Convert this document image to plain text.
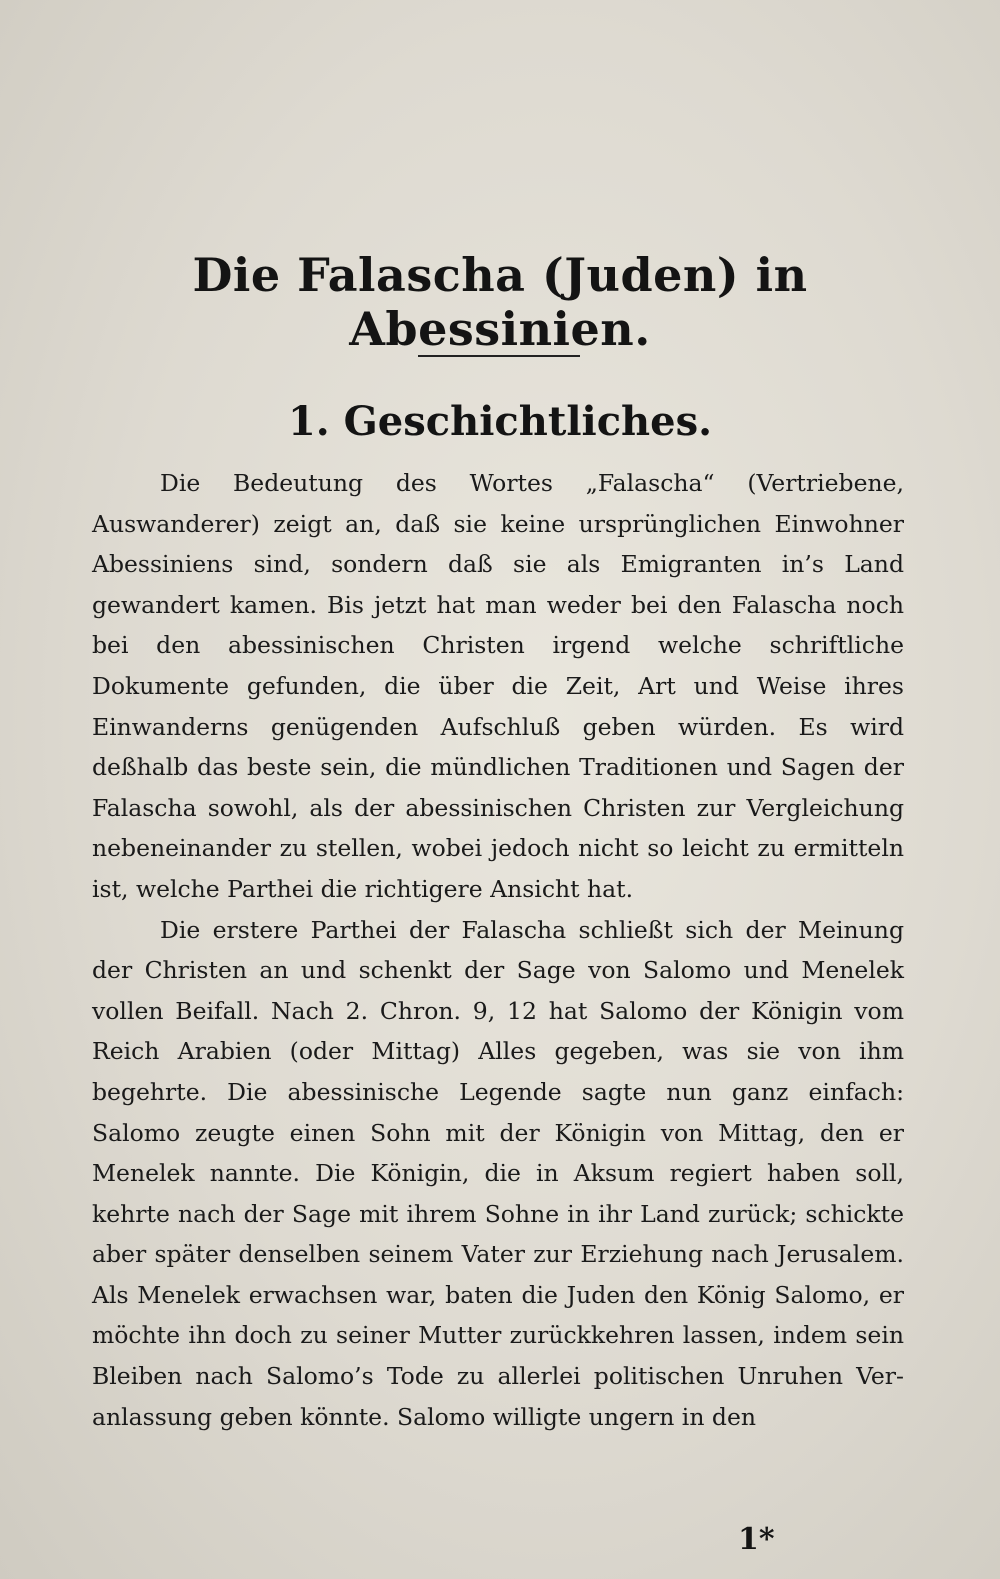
Die Falascha (Juden) in Abessinien.
1. Geschichtliches.

Die Bedeutung des Wortes „Falascha“ (Vertriebene, Auswanderer) zeigt an, daß sie keine ursprünglichen Einwohner Abessiniens sind, sondern daß sie als Emigranten in’s Land gewandert kamen. Bis jetzt hat man weder bei den Falascha noch bei den abessinischen Christen irgend welche schriftliche Dokumente gefunden, die über die Zeit, Art und Weise ihres Einwanderns genügenden Aufschluß geben würden. Es wird deßhalb das beste sein, die mündlichen Traditionen und Sagen der Falascha sowohl, als der abessinischen Christen zur Vergleichung nebeneinander zu stellen, wobei jedoch nicht so leicht zu ermitteln ist, welche Parthei die richtigere Ansicht hat.

Die erstere Parthei der Falascha schließt sich der Meinung der Christen an und schenkt der Sage von Salomo und Menelek vollen Beifall. Nach 2. Chron. 9, 12 hat Salomo der Königin vom Reich Arabien (oder Mittag) Alles gegeben, was sie von ihm begehrte. Die abessinische Legende sagte nun ganz einfach: Salomo zeugte einen Sohn mit der Königin von Mittag, den er Menelek nannte. Die Königin, die in Aksum regiert haben soll, kehrte nach der Sage mit ihrem Sohne in ihr Land zurück; schickte aber später denselben seinem Vater zur Erziehung nach Jerusalem. Als Menelek erwachsen war, baten die Juden den König Salomo, er möchte ihn doch zu seiner Mutter zurückkehren lassen, indem sein Bleiben nach Salomo’s Tode zu allerlei politischen Unruhen Veranlassung geben könnte. Salomo willigte ungern in den

1*
